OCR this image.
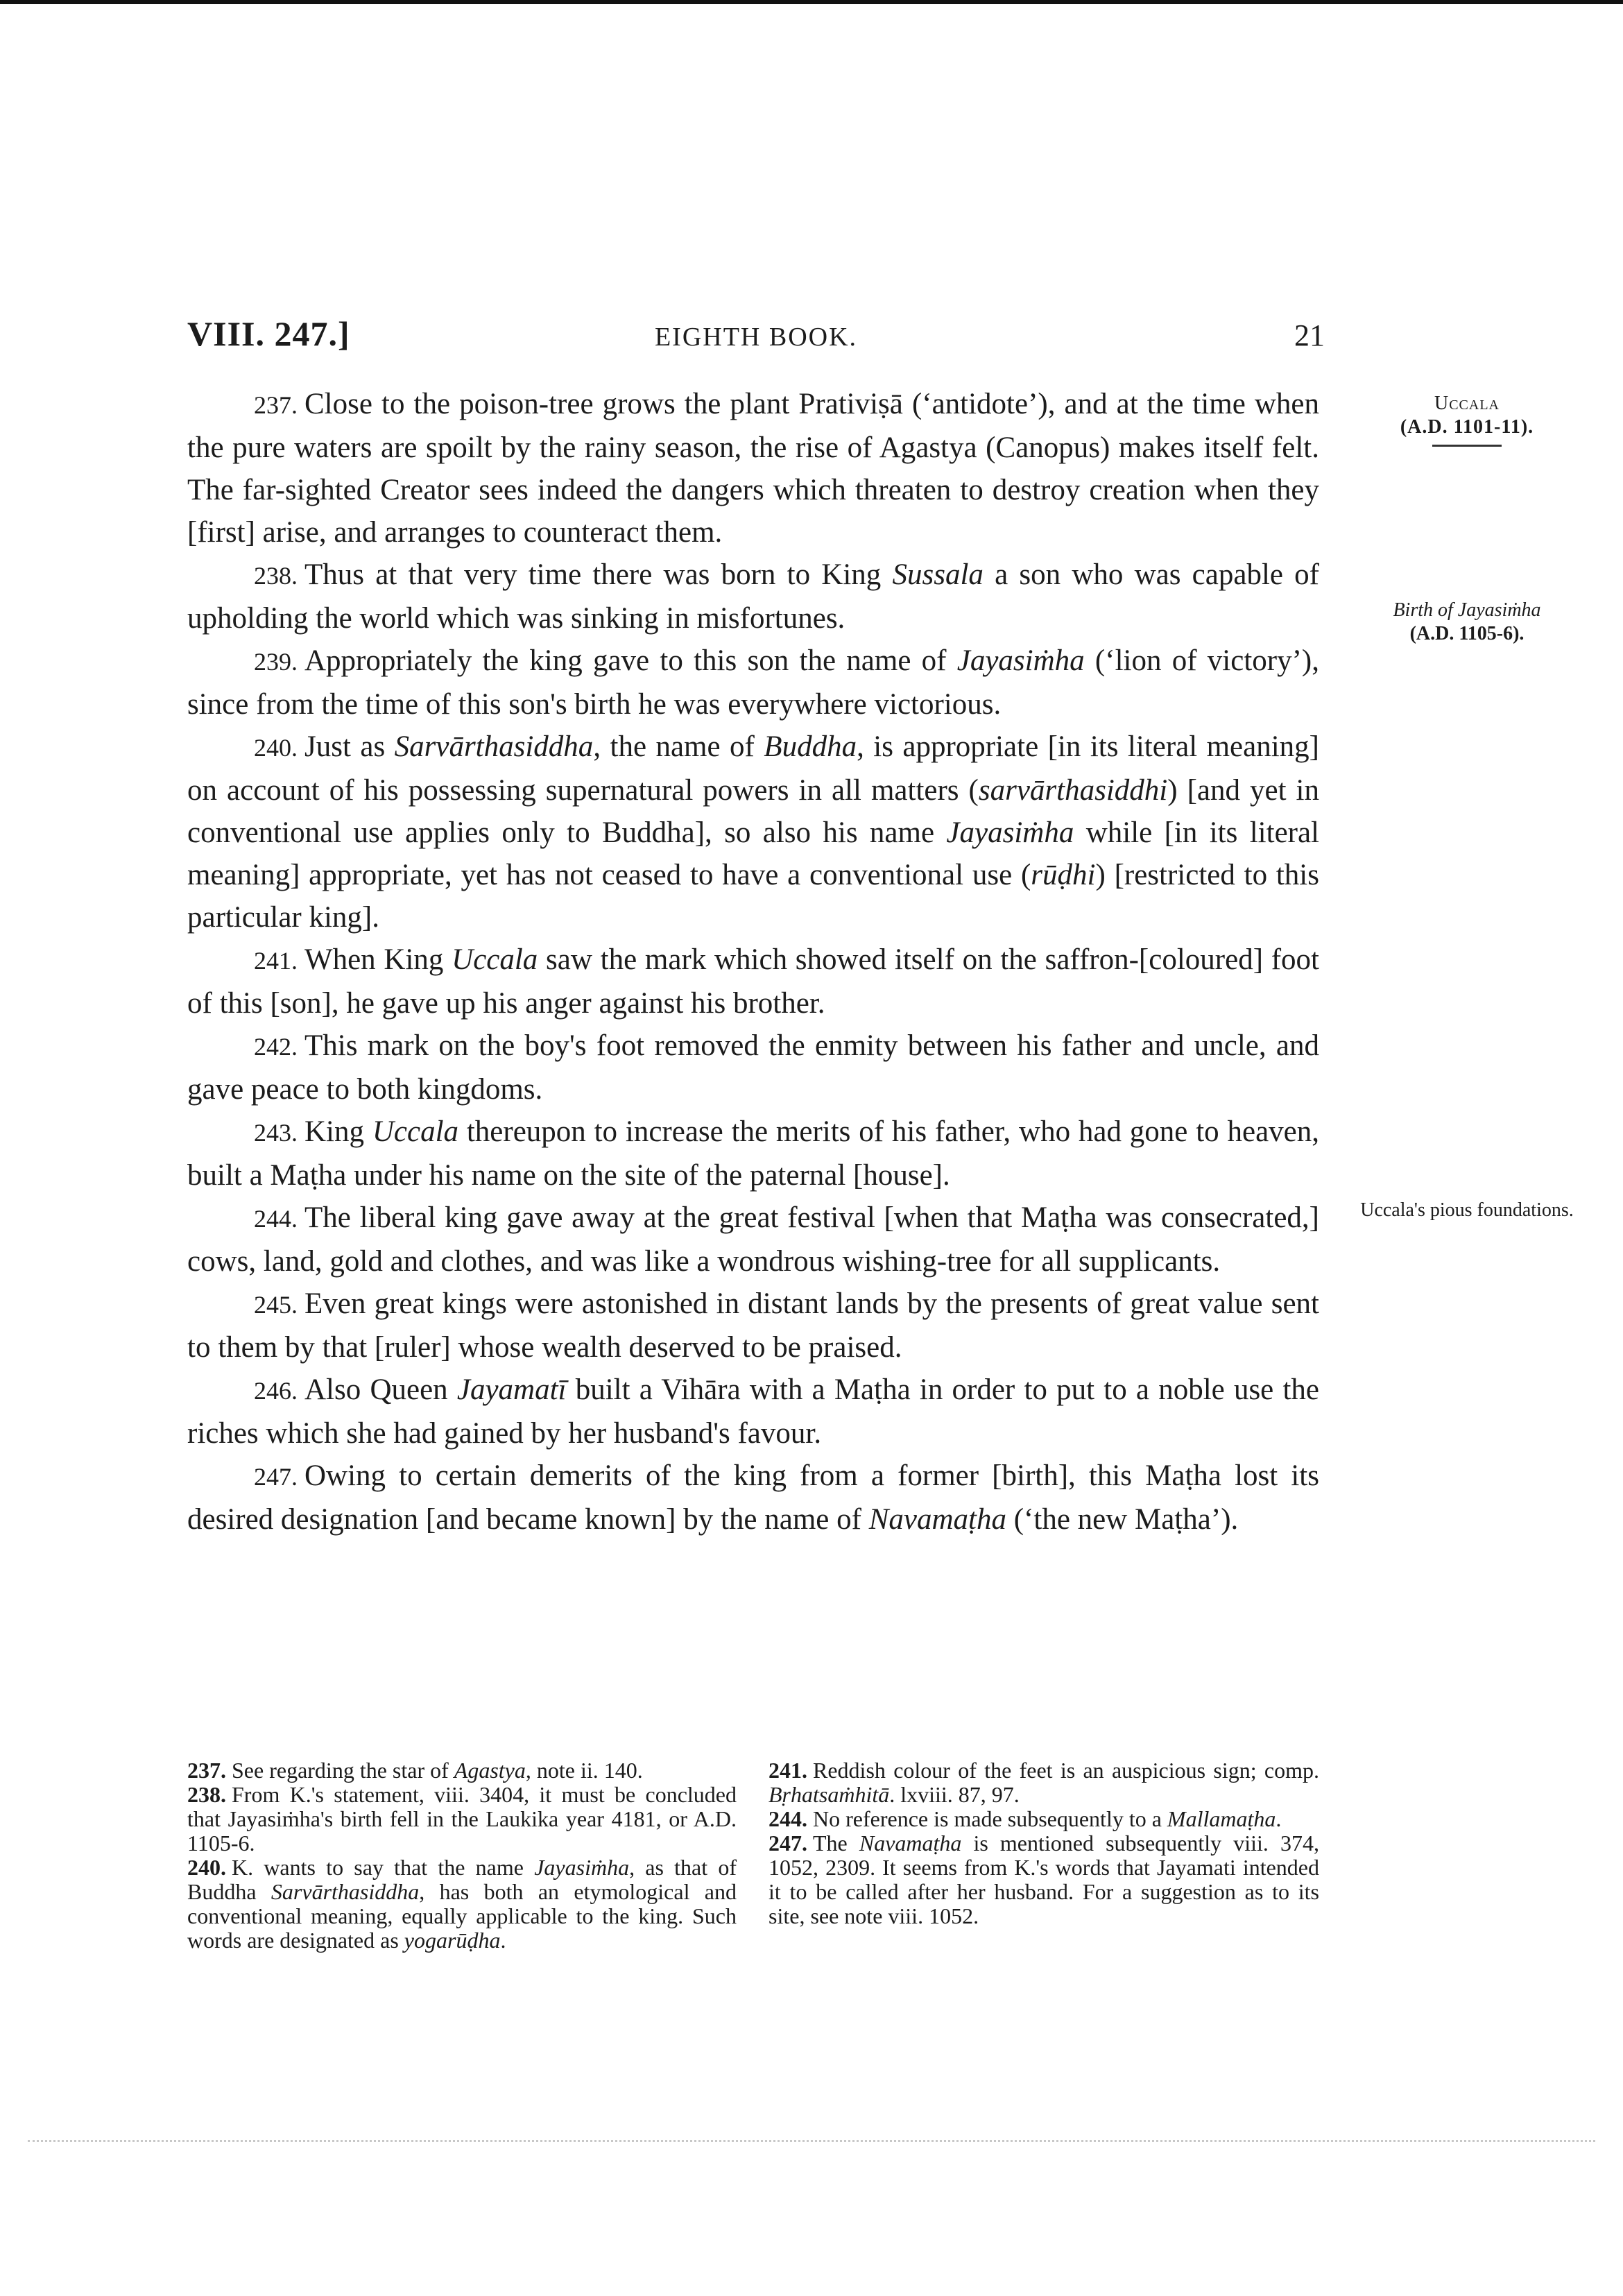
VIII. 247.]	EIGHTH BOOK.	21

237. Close to the poison-tree grows the plant Prativiṣā (‘antidote’), and at the time when the pure waters are spoilt by the rainy season, the rise of Agastya (Canopus) makes itself felt. The far-sighted Creator sees indeed the dangers which threaten to destroy creation when they [first] arise, and arranges to counteract them.

238. Thus at that very time there was born to King Sussala a son who was capable of upholding the world which was sinking in misfortunes.

239. Appropriately the king gave to this son the name of Jayasiṁha (‘lion of victory’), since from the time of this son's birth he was everywhere victorious.

240. Just as Sarvārthasiddha, the name of Buddha, is appropriate [in its literal meaning] on account of his possessing supernatural powers in all matters (sarvārthasiddhi) [and yet in conventional use applies only to Buddha], so also his name Jayasiṁha while [in its literal meaning] appropriate, yet has not ceased to have a conventional use (rūḍhi) [restricted to this particular king].

241. When King Uccala saw the mark which showed itself on the saffron-[coloured] foot of this [son], he gave up his anger against his brother.

242. This mark on the boy's foot removed the enmity between his father and uncle, and gave peace to both kingdoms.

243. King Uccala thereupon to increase the merits of his father, who had gone to heaven, built a Maṭha under his name on the site of the paternal [house].

244. The liberal king gave away at the great festival [when that Maṭha was consecrated,] cows, land, gold and clothes, and was like a wondrous wishing-tree for all supplicants.

245. Even great kings were astonished in distant lands by the presents of great value sent to them by that [ruler] whose wealth deserved to be praised.

246. Also Queen Jayamatī built a Vihāra with a Maṭha in order to put to a noble use the riches which she had gained by her husband's favour.

247. Owing to certain demerits of the king from a former [birth], this Maṭha lost its desired designation [and became known] by the name of Navamaṭha (‘the new Maṭha’).

Uccala
(A.D. 1101-11).
Birth of Jayasiṁha
(A.D. 1105-6).
Uccala's pious foundations.

237. See regarding the star of Agastya, note ii. 140.

238. From K.'s statement, viii. 3404, it must be concluded that Jayasiṁha's birth fell in the Laukika year 4181, or A.D. 1105-6.

240. K. wants to say that the name Jayasiṁha, as that of Buddha Sarvārthasiddha, has both an etymological and conventional meaning, equally applicable to the king. Such words are designated as yogarūḍha.

241. Reddish colour of the feet is an auspicious sign; comp. Bṛhatsaṁhitā. lxviii. 87, 97.

244. No reference is made subsequently to a Mallamaṭha.

247. The Navamaṭha is mentioned subsequently viii. 374, 1052, 2309. It seems from K.'s words that Jayamati intended it to be called after her husband. For a suggestion as to its site, see note viii. 1052.
